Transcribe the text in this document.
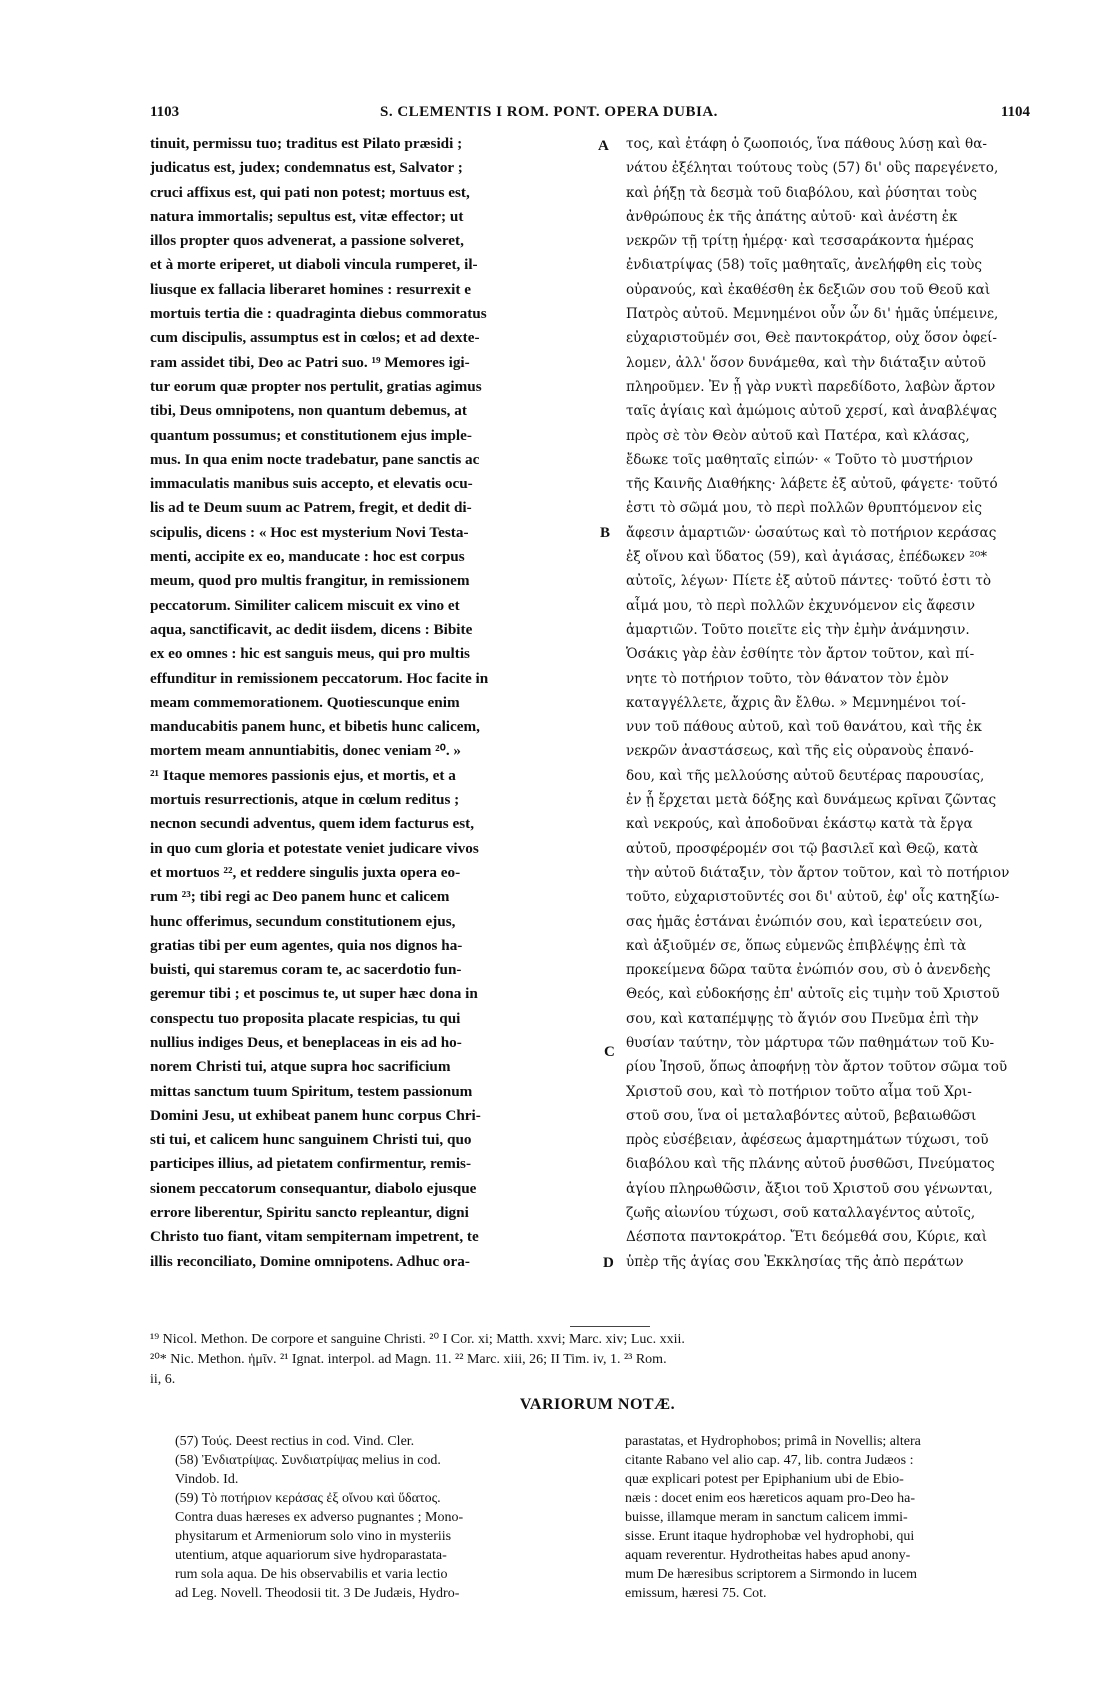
1103	S. CLEMENTIS I ROM. PONT. OPERA DUBIA.	1104
tinuit, permissu tuo; traditus est Pilato præsidi ;
judicatus est, judex; condemnatus est, Salvator ;
cruci affixus est, qui pati non potest; mortuus est,
natura immortalis; sepultus est, vitæ effector; ut
illos propter quos advenerat, a passione solveret,
et à morte eriperet, ut diaboli vincula rumperet, il-
liusque ex fallacia liberaret homines : resurrexit e
mortuis tertia die : quadraginta diebus commoratus
cum discipulis, assumptus est in cœlos; et ad dexte-
ram assidet tibi, Deo ac Patri suo. ¹⁹ Memores igi-
tur eorum quæ propter nos pertulit, gratias agimus
tibi, Deus omnipotens, non quantum debemus, at
quantum possumus; et constitutionem ejus imple-
mus. In qua enim nocte tradebatur, pane sanctis ac
immaculatis manibus suis accepto, et elevatis ocu-
lis ad te Deum suum ac Patrem, fregit, et dedit di-
scipulis, dicens : « Hoc est mysterium Novi Testa-
menti, accipite ex eo, manducate : hoc est corpus
meum, quod pro multis frangitur, in remissionem
peccatorum. Similiter calicem miscuit ex vino et
aqua, sanctificavit, ac dedit iisdem, dicens : Bibite
ex eo omnes : hic est sanguis meus, qui pro multis
effunditur in remissionem peccatorum. Hoc facite in
meam commemorationem. Quotiescunque enim
manducabitis panem hunc, et bibetis hunc calicem,
mortem meam annuntiabitis, donec veniam ²⁰. »
²¹ Itaque memores passionis ejus, et mortis, et a
mortuis resurrectionis, atque in cœlum reditus ;
necnon secundi adventus, quem idem facturus est,
in quo cum gloria et potestate veniet judicare vivos
et mortuos ²², et reddere singulis juxta opera eo-
rum ²³; tibi regi ac Deo panem hunc et calicem
hunc offerimus, secundum constitutionem ejus,
gratias tibi per eum agentes, quia nos dignos ha-
buisti, qui staremus coram te, ac sacerdotio fun-
geremur tibi ; et poscimus te, ut super hæc dona in
conspectu tuo proposita placate respicias, tu qui
nullius indiges Deus, et beneplaceas in eis ad ho-
norem Christi tui, atque supra hoc sacrificium
mittas sanctum tuum Spiritum, testem passionum
Domini Jesu, ut exhibeat panem hunc corpus Chri-
sti tui, et calicem hunc sanguinem Christi tui, quo
participes illius, ad pietatem confirmentur, remis-
sionem peccatorum consequantur, diabolo ejusque
errore liberentur, Spiritu sancto repleantur, digni
Christo tuo fiant, vitam sempiternam impetrent, te
illis reconciliato, Domine omnipotens. Adhuc ora-
τος, καὶ ἐτάφη ὁ ζωοποιός, ἵνα πάθους λύσῃ καὶ θα-
νάτου ἐξέληται τούτους τοὺς (57) δι' οὓς παρεγένετο,
καὶ ῥήξῃ τὰ δεσμὰ τοῦ διαβόλου, καὶ ῥύσηται τοὺς
ἀνθρώπους ἐκ τῆς ἀπάτης αὐτοῦ· καὶ ἀνέστη ἐκ
νεκρῶν τῇ τρίτῃ ἡμέρᾳ· καὶ τεσσαράκοντα ἡμέρας
ἐνδιατρίψας (58) τοῖς μαθηταῖς, ἀνελήφθη εἰς τοὺς
οὐρανούς, καὶ ἐκαθέσθη ἐκ δεξιῶν σου τοῦ Θεοῦ καὶ
Πατρὸς αὐτοῦ. Μεμνημένοι οὖν ὧν δι' ἡμᾶς ὑπέμεινε,
εὐχαριστοῦμέν σοι, Θεὲ παντοκράτορ, οὐχ ὅσον ὀφεί-
λομεν, ἀλλ' ὅσον δυνάμεθα, καὶ τὴν διάταξιν αὐτοῦ
πληροῦμεν. Ἐν ᾗ γὰρ νυκτὶ παρεδίδοτο, λαβὼν ἄρτον
ταῖς ἁγίαις καὶ ἀμώμοις αὐτοῦ χερσί, καὶ ἀναβλέψας
πρὸς σὲ τὸν Θεὸν αὐτοῦ καὶ Πατέρα, καὶ κλάσας,
ἔδωκε τοῖς μαθηταῖς εἰπών· « Τοῦτο τὸ μυστήριον
τῆς Καινῆς Διαθήκης· λάβετε ἐξ αὐτοῦ, φάγετε· τοῦτό
ἐστι τὸ σῶμά μου, τὸ περὶ πολλῶν θρυπτόμενον εἰς
ἄφεσιν ἁμαρτιῶν· ὡσαύτως καὶ τὸ ποτήριον κεράσας
ἐξ οἴνου καὶ ὕδατος (59), καὶ ἁγιάσας, ἐπέδωκεν ²⁰*
αὐτοῖς, λέγων· Πίετε ἐξ αὐτοῦ πάντες· τοῦτό ἐστι τὸ
αἷμά μου, τὸ περὶ πολλῶν ἐκχυνόμενον εἰς ἄφεσιν
ἁμαρτιῶν. Τοῦτο ποιεῖτε εἰς τὴν ἐμὴν ἀνάμνησιν.
Ὁσάκις γὰρ ἐὰν ἐσθίητε τὸν ἄρτον τοῦτον, καὶ πί-
νητε τὸ ποτήριον τοῦτο, τὸν θάνατον τὸν ἐμὸν
καταγγέλλετε, ἄχρις ἂν ἔλθω. » Μεμνημένοι τοί-
νυν τοῦ πάθους αὐτοῦ, καὶ τοῦ θανάτου, καὶ τῆς ἐκ
νεκρῶν ἀναστάσεως, καὶ τῆς εἰς οὐρανοὺς ἐπανό-
δου, καὶ τῆς μελλούσης αὐτοῦ δευτέρας παρουσίας,
ἐν ᾗ ἔρχεται μετὰ δόξης καὶ δυνάμεως κρῖναι ζῶντας
καὶ νεκρούς, καὶ ἀποδοῦναι ἑκάστῳ κατὰ τὰ ἔργα
αὐτοῦ, προσφέρομέν σοι τῷ βασιλεῖ καὶ Θεῷ, κατὰ
τὴν αὐτοῦ διάταξιν, τὸν ἄρτον τοῦτον, καὶ τὸ ποτήριον
τοῦτο, εὐχαριστοῦντές σοι δι' αὐτοῦ, ἐφ' οἷς κατηξίω-
σας ἡμᾶς ἑστάναι ἐνώπιόν σου, καὶ ἱερατεύειν σοι,
καὶ ἀξιοῦμέν σε, ὅπως εὐμενῶς ἐπιβλέψῃς ἐπὶ τὰ
προκείμενα δῶρα ταῦτα ἐνώπιόν σου, σὺ ὁ ἀνενδεὴς
Θεός, καὶ εὐδοκήσῃς ἐπ' αὐτοῖς εἰς τιμὴν τοῦ Χριστοῦ
σου, καὶ καταπέμψῃς τὸ ἅγιόν σου Πνεῦμα ἐπὶ τὴν
θυσίαν ταύτην, τὸν μάρτυρα τῶν παθημάτων τοῦ Κυ-
ρίου Ἰησοῦ, ὅπως ἀποφήνῃ τὸν ἄρτον τοῦτον σῶμα τοῦ
Χριστοῦ σου, καὶ τὸ ποτήριον τοῦτο αἷμα τοῦ Χρι-
στοῦ σου, ἵνα οἱ μεταλαβόντες αὐτοῦ, βεβαιωθῶσι
πρὸς εὐσέβειαν, ἀφέσεως ἁμαρτημάτων τύχωσι, τοῦ
διαβόλου καὶ τῆς πλάνης αὐτοῦ ῥυσθῶσι, Πνεύματος
ἁγίου πληρωθῶσιν, ἄξιοι τοῦ Χριστοῦ σου γένωνται,
ζωῆς αἰωνίου τύχωσι, σοῦ καταλλαγέντος αὐτοῖς,
Δέσποτα παντοκράτορ. Ἔτι δεόμεθά σου, Κύριε, καὶ
ὑπὲρ τῆς ἁγίας σου Ἐκκλησίας τῆς ἀπὸ περάτων
A
B
C
D
¹⁹ Nicol. Methon. De corpore et sanguine Christi. ²⁰ I Cor. xi; Matth. xxvi; Marc. xiv; Luc. xxii.
²⁰* Nic. Methon. ἡμῖν. ²¹ Ignat. interpol. ad Magn. 11. ²² Marc. xiii, 26; II Tim. iv, 1. ²³ Rom.
ii, 6.
VARIORUM NOTÆ.
(57) Τούς. Deest rectius in cod. Vind. Cler.
(58) Ἐνδιατρίψας. Συνδιατρίψας melius in cod.
Vindob. Id.
(59) Τὸ ποτήριον κεράσας ἐξ οἴνου καὶ ὕδατος.
Contra duas hæreses ex adverso pugnantes ; Mono-
physitarum et Armeniorum solo vino in mysteriis
utentium, atque aquariorum sive hydroparastata-
rum sola aqua. De his observabilis et varia lectio
ad Leg. Novell. Theodosii tit. 3 De Judæis, Hydro-
parastatas, et Hydrophobos; primâ in Novellis; altera
citante Rabano vel alio cap. 47, lib. contra Judæos :
quæ explicari potest per Epiphanium ubi de Ebio-
næis : docet enim eos hæreticos aquam pro-Deo ha-
buisse, illamque meram in sanctum calicem immi-
sisse. Erunt itaque hydrophobæ vel hydrophobi, qui
aquam reverentur. Hydrotheitas habes apud anony-
mum De hæresibus scriptorem a Sirmondo in lucem
emissum, hæresi 75. Cot.
